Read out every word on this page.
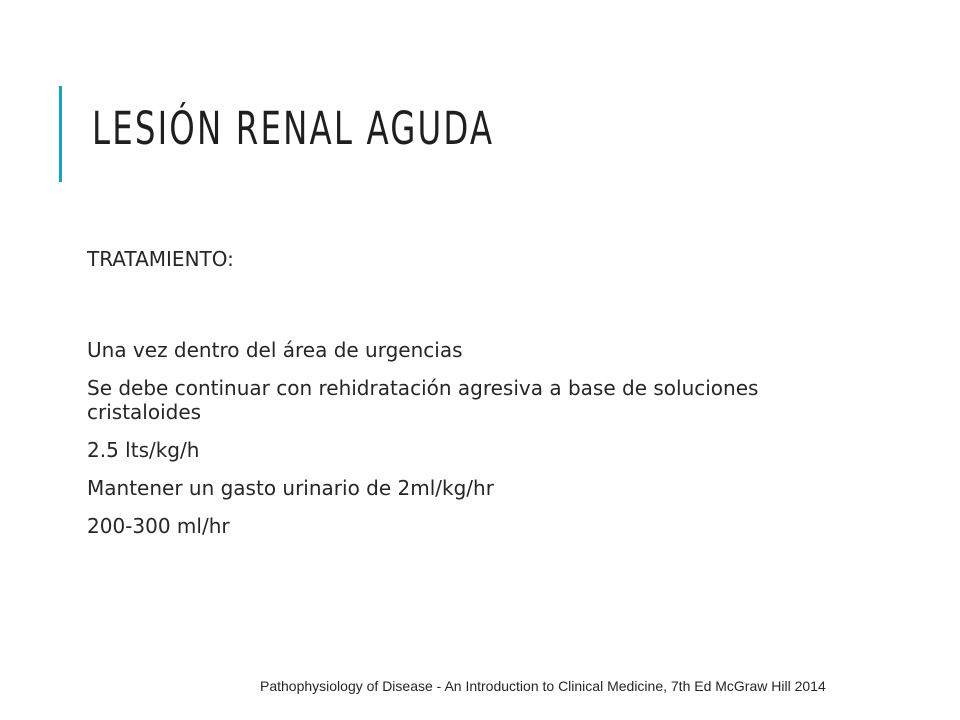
LESIÓN RENAL AGUDA

TRATAMIENTO:

Una vez dentro del área de urgencias

Se debe continuar con rehidratación agresiva a base de soluciones cristaloides

2.5 lts/kg/h

Mantener un gasto urinario de 2ml/kg/hr

200-300 ml/hr

Pathophysiology of Disease - An Introduction to Clinical Medicine, 7th Ed McGraw Hill 2014
